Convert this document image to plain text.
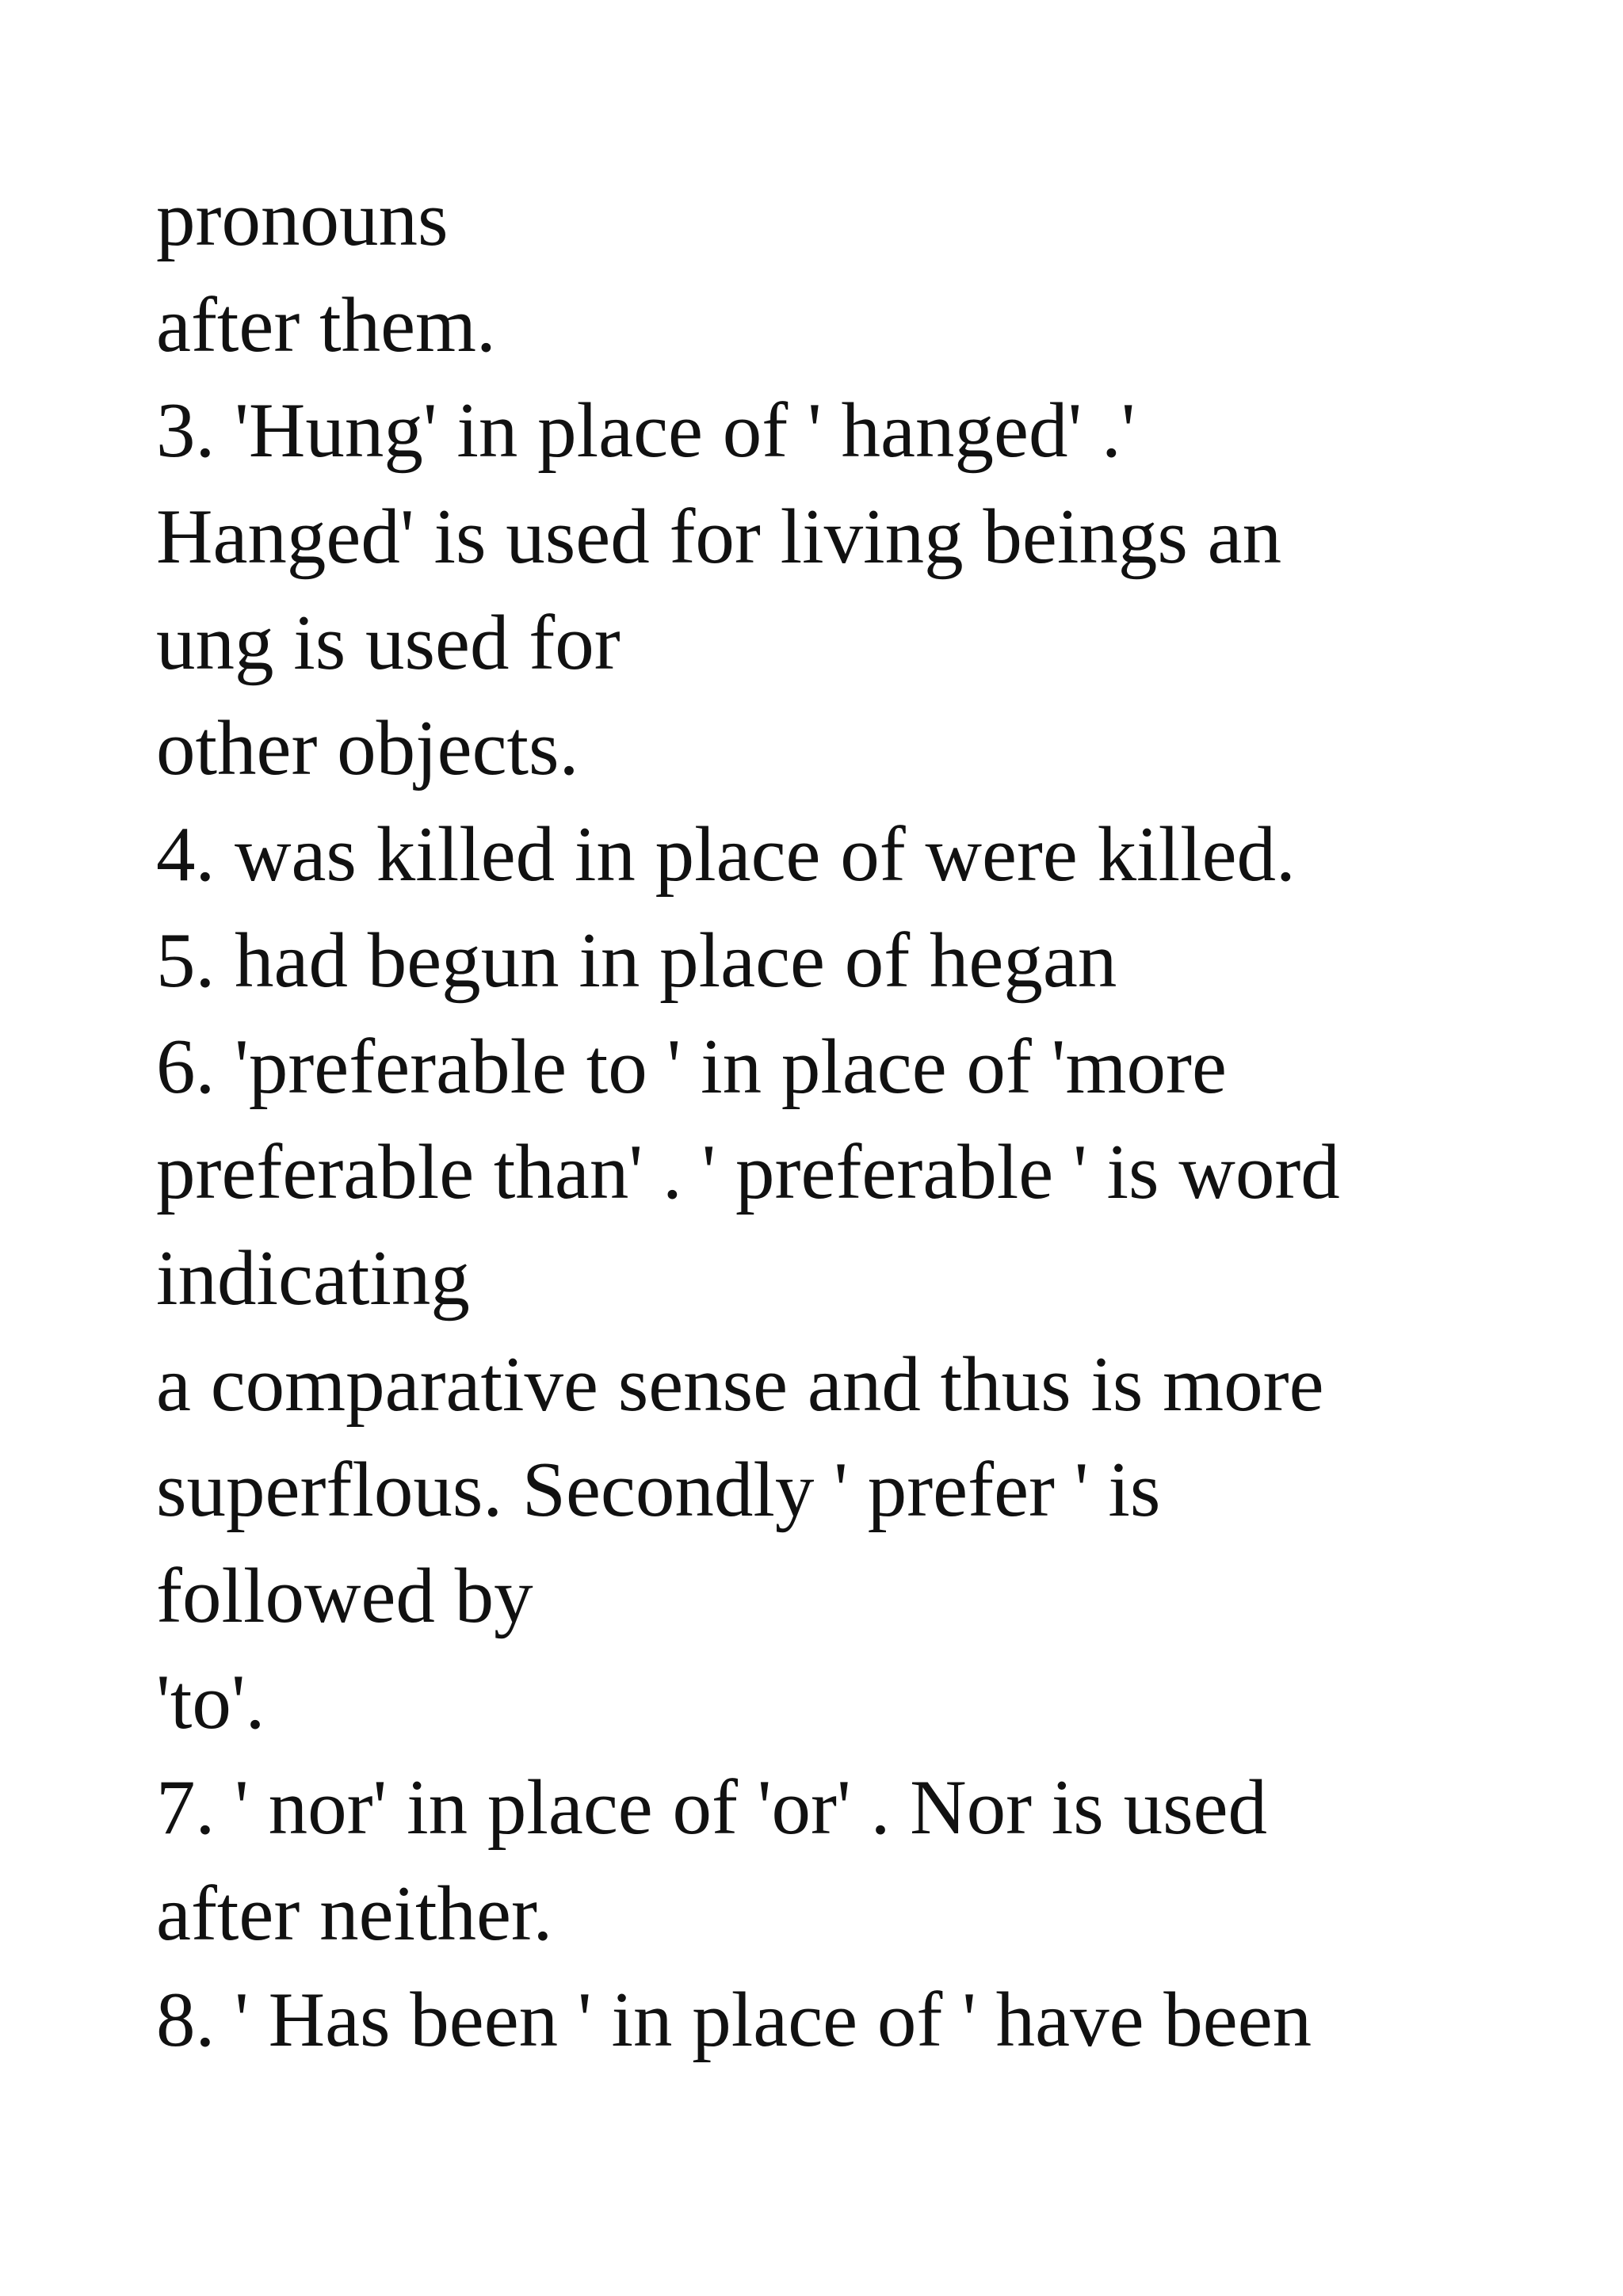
pronouns
after them.
3. 'Hung' in place of ' hanged' .'
Hanged' is used for living beings an
ung is used for
other objects.
4. was killed in place of were killed.
5. had begun in place of hegan
6. 'preferable to ' in place of 'more
preferable than' . ' preferable ' is word
indicating
a comparative sense and thus is more
superflous. Secondly ' prefer ' is
followed by
'to'.
7. ' nor' in place of 'or' . Nor is used
after neither.
8. ' Has been ' in place of ' have been
